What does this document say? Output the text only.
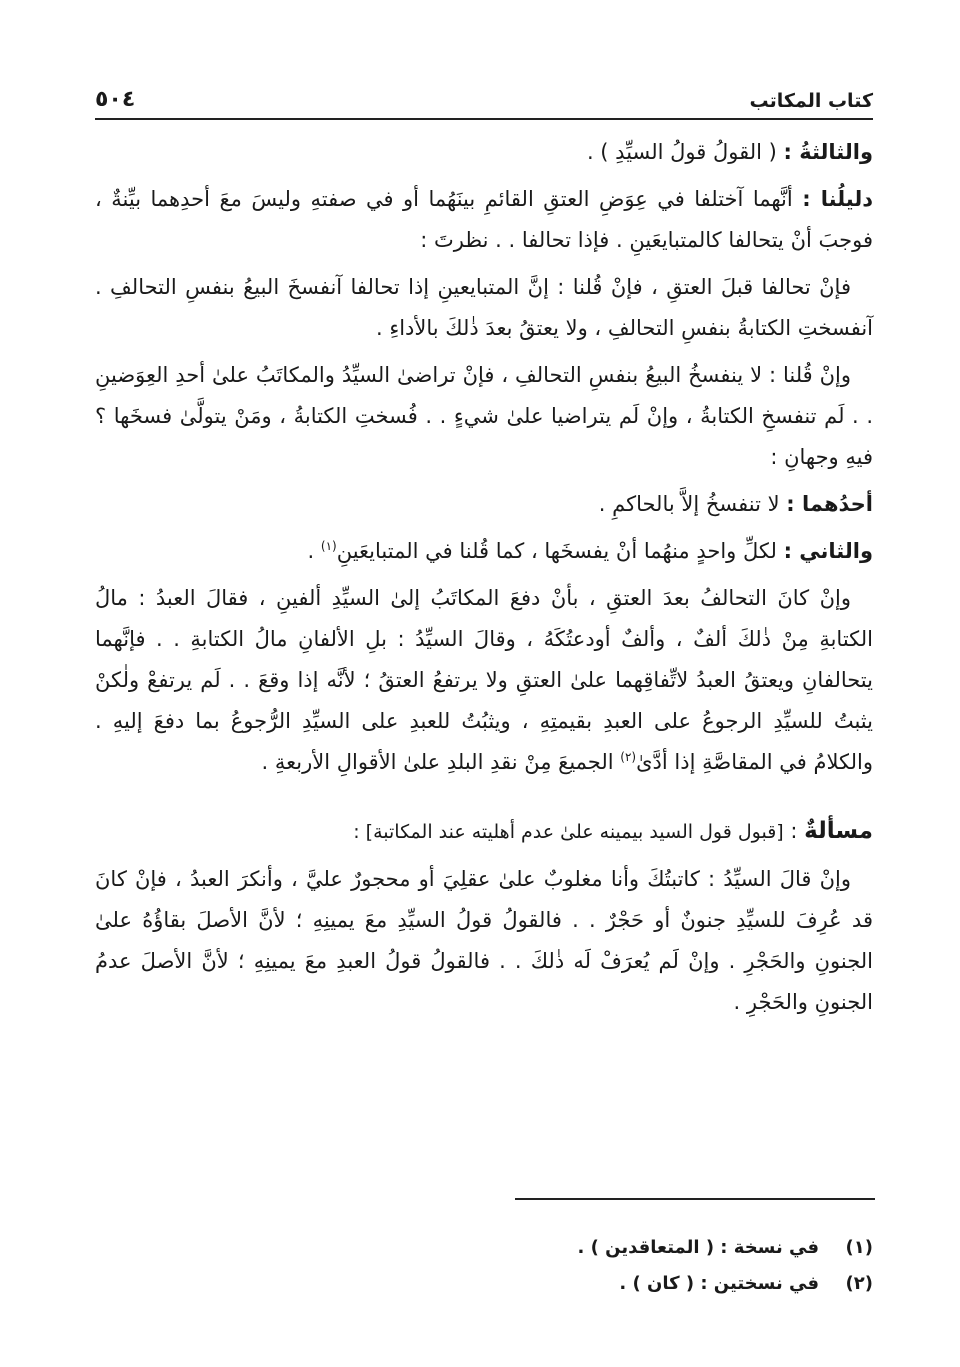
كتاب المكاتب
٥٠٤

والثالثةُ : ( القولُ قولُ السيِّدِ ) .

دليلُنا : أنَّهما آختلفا في عِوَضِ العتقِ القائمِ بينَهُما أو في صفتهِ وليسَ معَ أحدِهما بيِّنةٌ ، فوجبَ أنْ يتحالفا كالمتبايعَينِ . فإذا تحالفا . . نظرتَ :

فإنْ تحالفا قبلَ العتقِ ، فإنْ قُلنا : إنَّ المتبايعينِ إذا تحالفا آنفسخَ البيعُ بنفسِ التحالفِ . آنفسختِ الكتابةُ بنفسِ التحالفِ ، ولا يعتقُ بعدَ ذٰلكَ بالأداءِ .

وإنْ قُلنا : لا ينفسخُ البيعُ بنفسِ التحالفِ ، فإنْ تراضىٰ السيِّدُ والمكاتَبُ علىٰ أحدِ العِوَضينِ . . لَم تنفسخِ الكتابةُ ، وإنْ لَم يتراضيا علىٰ شيءٍ . . فُسختِ الكتابةُ ، ومَنْ يتولَّىٰ فسخَها ؟ فيهِ وجهانِ :

أحدُهما : لا تنفسخُ إلاَّ بالحاكمِ .

والثاني : لكلِّ واحدٍ منهُما أنْ يفسخَها ، كما قُلنا في المتبايعَينِ$^{(١)}$ .

وإنْ كانَ التحالفُ بعدَ العتقِ ، بأنْ دفعَ المكاتَبُ إلىٰ السيِّدِ ألفينِ ، فقالَ العبدُ : مالُ الكتابةِ مِنْ ذٰلكَ ألفٌ ، وألفٌ أودعتُكَهُ ، وقالَ السيِّدُ : بلِ الألفانِ مالُ الكتابةِ . . فإنَّهما يتحالفانِ ويعتقُ العبدُ لاتِّفاقِهما علىٰ العتقِ ولا يرتفعُ العتقُ ؛ لأنَّه إذا وقعَ . . لَم يرتفعْ ولٰكنْ يثبتُ للسيِّدِ الرجوعُ على العبدِ بقيمتِهِ ، ويثبُتُ للعبدِ على السيِّدِ الرُّجوعُ بما دفعَ إليهِ . والكلامُ في المقاصَّةِ إذا أدَّىٰ$^{(٢)}$ الجميعَ مِنْ نقدِ البلدِ علىٰ الأقوالِ الأربعةِ .

مسألةٌ : [قبول قول السيد بيمينه علىٰ عدم أهليته عند المكاتبة] :

وإنْ قالَ السيِّدُ : كاتبتُكَ وأنا مغلوبٌ علىٰ عقلِيَ أو محجورٌ عليَّ ، وأنكرَ العبدُ ، فإنْ كانَ قد عُرِفَ للسيِّدِ جنونٌ أو حَجْرٌ . . فالقولُ قولُ السيِّدِ معَ يمينِهِ ؛ لأنَّ الأصلَ بقاؤُهُ علىٰ الجنونِ والحَجْرِ . وإنْ لَم يُعرَفْ لَه ذٰلكَ . . فالقولُ قولُ العبدِ معَ يمينِهِ ؛ لأنَّ الأصلَ عدمُ الجنونِ والحَجْرِ .

(١)
في نسخة : ( المتعاقدين ) .
(٢)
في نسختين : ( كان ) .
